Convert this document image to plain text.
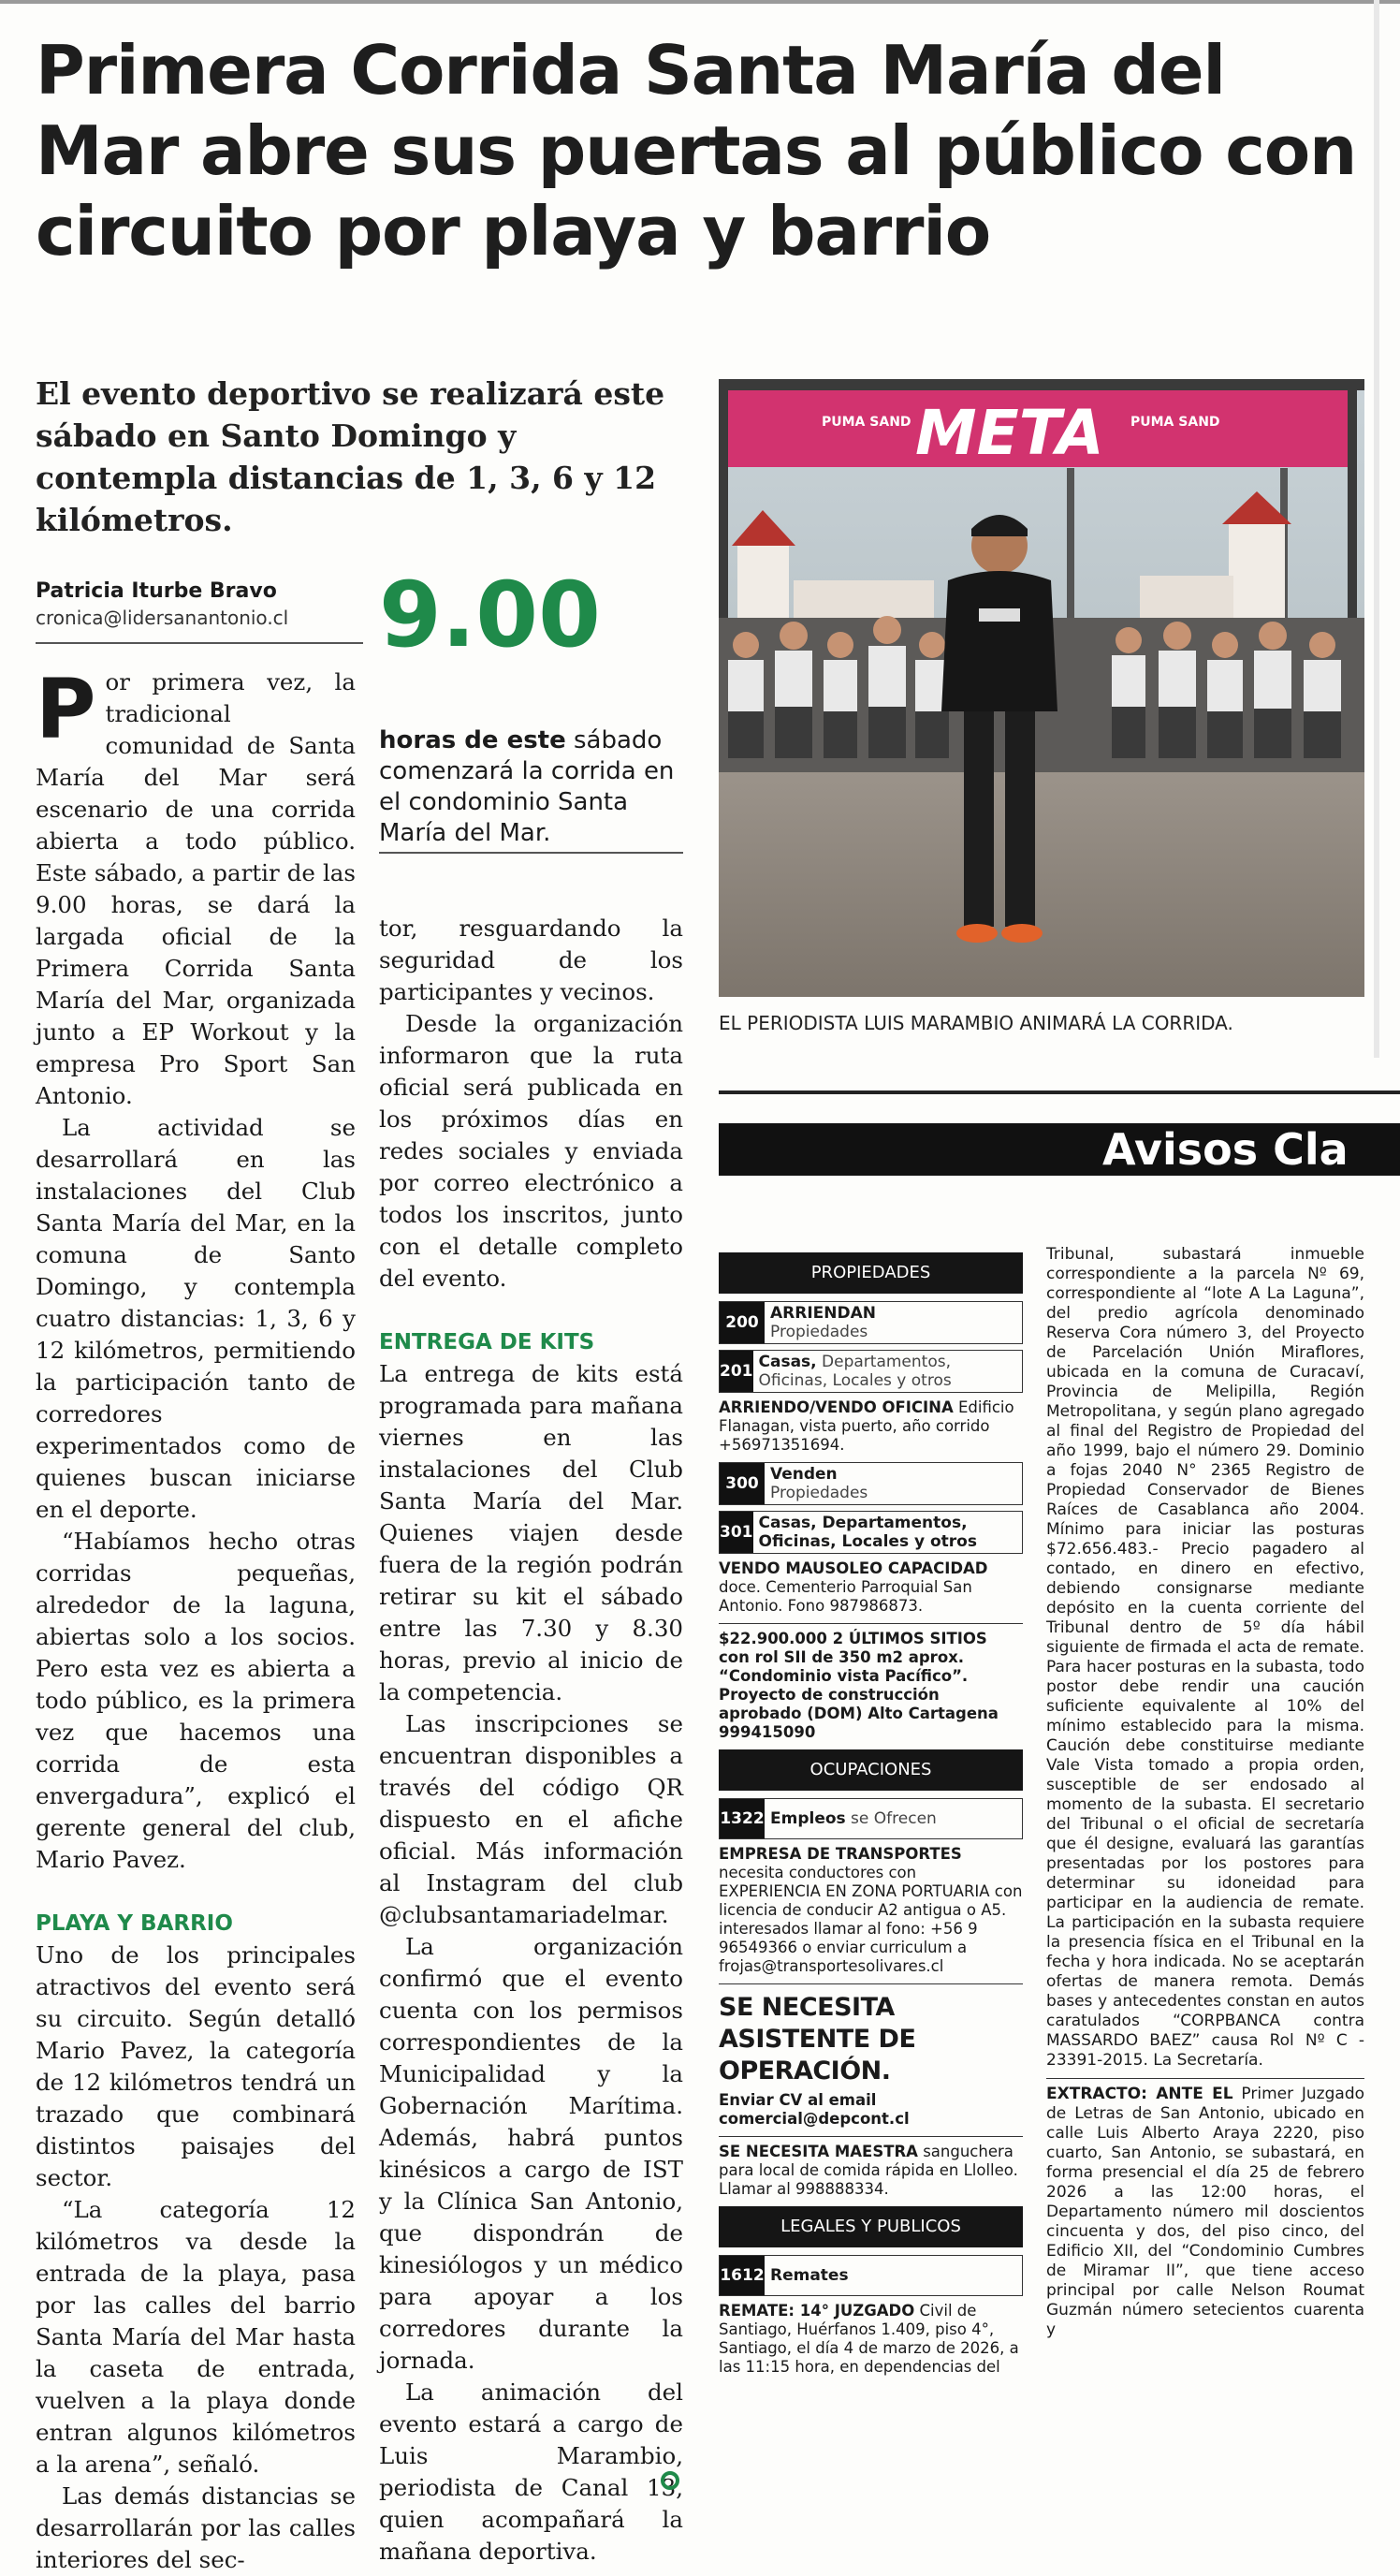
Primera Corrida Santa María del Mar abre sus puertas al público con circuito por playa y barrio
El evento deportivo se realizará este sábado en Santo Domingo y contempla distancias de 1, 3, 6 y 12 kilómetros.
Patricia Iturbe Bravo
cronica@lidersanantonio.cl	9.00
horas de este sábado comenzará la corrida en el condominio Santa María del Mar.

Por primera vez, la tradicional comunidad de Santa María del Mar será escenario de una corrida abierta a todo público. Este sábado, a partir de las 9.00 horas, se dará la largada oficial de la Primera Corrida Santa María del Mar, organizada junto a EP Workout y la empresa Pro Sport San Antonio.

La actividad se desarrollará en las instalaciones del Club Santa María del Mar, en la comuna de Santo Domingo, y contempla cuatro distancias: 1, 3, 6 y 12 kilómetros, permitiendo la participación tanto de corredores experimentados como de quienes buscan iniciarse en el deporte.

“Habíamos hecho otras corridas pequeñas, alrededor de la laguna, abiertas solo a los socios. Pero esta vez es abierta a todo público, es la primera vez que hacemos una corrida de esta envergadura”, explicó el gerente general del club, Mario Pavez.

PLAYA Y BARRIO

Uno de los principales atractivos del evento será su circuito. Según detalló Mario Pavez, la categoría de 12 kilómetros tendrá un trazado que combinará distintos paisajes del sector.

“La categoría 12 kilómetros va desde la entrada de la playa, pasa por las calles del barrio Santa María del Mar hasta la caseta de entrada, vuelven a la playa donde entran algunos kilómetros a la arena”, señaló.

Las demás distancias se desarrollarán por las calles interiores del sec-

tor, resguardando la seguridad de los participantes y vecinos.

Desde la organización informaron que la ruta oficial será publicada en los próximos días en redes sociales y enviada por correo electrónico a todos los inscritos, junto con el detalle completo del evento.

ENTREGA DE KITS

La entrega de kits está programada para mañana viernes en las instalaciones del Club Santa María del Mar. Quienes viajen desde fuera de la región podrán retirar su kit el sábado entre las 7.30 y 8.30 horas, previo al inicio de la competencia.

Las inscripciones se encuentran disponibles a través del código QR dispuesto en el afiche oficial. Más información al Instagram del club @clubsantamariadelmar.

La organización confirmó que el evento cuenta con los permisos correspondientes de la Municipalidad y la Gobernación Marítima. Además, habrá puntos kinésicos a cargo de IST y la Clínica San Antonio, que dispondrán de kinesiólogos y un médico para apoyar a los corredores durante la jornada.

La animación del evento estará a cargo de Luis Marambio, periodista de Canal 13, quien acompañará la mañana deportiva.

PUMA SAND META PUMA SAND
EL PERIODISTA LUIS MARAMBIO ANIMARÁ LA CORRIDA.
Avisos Cla
PROPIEDADES
200 ARRIENDAN
Propiedades
201 Casas, Departamentos, Oficinas, Locales y otros
ARRIENDO/VENDO OFICINA Edificio Flanagan, vista puerto, año corrido +56971351694.
300 Venden
Propiedades
301 Casas, Departamentos, Oficinas, Locales y otros
VENDO MAUSOLEO CAPACIDAD doce. Cementerio Parroquial San Antonio. Fono 987986873.
$22.900.000 2 ÚLTIMOS SITIOS con rol SII de 350 m2 aprox. “Condominio vista Pacífico”. Proyecto de construcción aprobado (DOM) Alto Cartagena 999415090
OCUPACIONES
1322 Empleos se Ofrecen
EMPRESA DE TRANSPORTES necesita conductores con EXPERIENCIA EN ZONA PORTUARIA con licencia de conducir A2 antigua o A5. interesados llamar al fono: +56 9 96549366 o enviar curriculum a frojas@transportesolivares.cl
SE NECESITA ASISTENTE DE OPERACIÓN.
Enviar CV al email comercial@depcont.cl
SE NECESITA MAESTRA sanguchera para local de comida rápida en Llolleo. Llamar al 998888334.
LEGALES Y PUBLICOS
1612 Remates
REMATE: 14° JUZGADO Civil de Santiago, Huérfanos 1.409, piso 4°, Santiago, el día 4 de marzo de 2026, a las 11:15 hora, en dependencias del

Tribunal, subastará inmueble correspondiente a la parcela Nº 69, correspondiente al “lote A La Laguna”, del predio agrícola denominado Reserva Cora número 3, del Proyecto de Parcelación Unión Miraflores, ubicada en la comuna de Curacaví, Provincia de Melipilla, Región Metropolitana, y según plano agregado al final del Registro de Propiedad del año 1999, bajo el número 29. Dominio a fojas 2040 N° 2365 Registro de Propiedad Conservador de Bienes Raíces de Casablanca año 2004. Mínimo para iniciar las posturas $72.656.483.- Precio pagadero al contado, en dinero en efectivo, debiendo consignarse mediante depósito en la cuenta corriente del Tribunal dentro de 5º día hábil siguiente de firmada el acta de remate. Para hacer posturas en la subasta, todo postor debe rendir una caución suficiente equivalente al 10% del mínimo establecido para la misma. Caución debe constituirse mediante Vale Vista tomado a propia orden, susceptible de ser endosado al momento de la subasta. El secretario del Tribunal o el oficial de secretaría que él designe, evaluará las garantías presentadas por los postores para determinar su idoneidad para participar en la audiencia de remate. La participación en la subasta requiere la presencia física en el Tribunal en la fecha y hora indicada. No se aceptarán ofertas de manera remota. Demás bases y antecedentes constan en autos caratulados “CORPBANCA contra MASSARDO BAEZ” causa Rol Nº C - 23391-2015. La Secretaría.

EXTRACTO: ANTE EL Primer Juzgado de Letras de San Antonio, ubicado en calle Luis Alberto Araya 2220, piso cuarto, San Antonio, se subastará, en forma presencial el día 25 de febrero 2026 a las 12:00 horas, el Departamento número mil doscientos cincuenta y dos, del piso cinco, del Edificio XII, del “Condominio Cumbres de Miramar II”, que tiene acceso principal por calle Nelson Roumat Guzmán número setecientos cuarenta y
